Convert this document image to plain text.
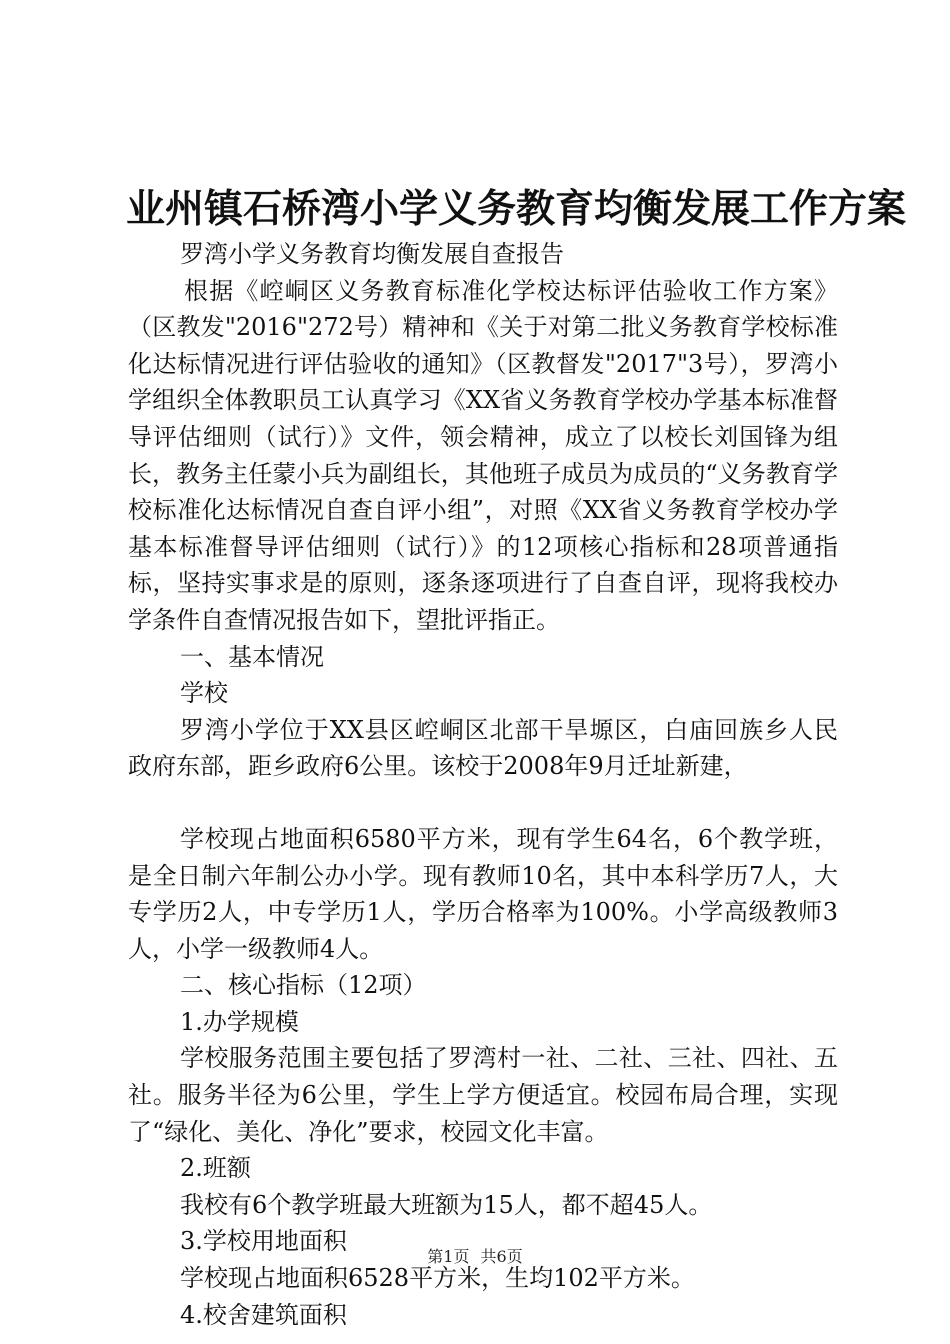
业州镇石桥湾小学义务教育均衡发展工作方案

罗湾小学义务教育均衡发展自查报告

根据《崆峒区义务教育标准化学校达标评估验收工作方案》（区教发"2016"272号）精神和《关于对第二批义务教育学校标准化达标情况进行评估验收的通知》（区教督发"2017"3号），罗湾小学组织全体教职员工认真学习《XX省义务教育学校办学基本标准督导评估细则（试行）》文件，领会精神，成立了以校长刘国锋为组长，教务主任蒙小兵为副组长，其他班子成员为成员的“义务教育学校标准化达标情况自查自评小组”，对照《XX省义务教育学校办学基本标准督导评估细则（试行）》的12项核心指标和28项普通指标，坚持实事求是的原则，逐条逐项进行了自查自评，现将我校办学条件自查情况报告如下，望批评指正。

一、基本情况

学校

罗湾小学位于XX县区崆峒区北部干旱塬区，白庙回族乡人民政府东部，距乡政府6公里。该校于2008年9月迁址新建，

学校现占地面积6580平方米，现有学生64名，6个教学班，是全日制六年制公办小学。现有教师10名，其中本科学历7人，大专学历2人，中专学历1人，学历合格率为100%。小学高级教师3人，小学一级教师4人。

二、核心指标（12项）

1.办学规模

学校服务范围主要包括了罗湾村一社、二社、三社、四社、五社。服务半径为6公里，学生上学方便适宜。校园布局合理，实现了“绿化、美化、净化”要求，校园文化丰富。

2.班额

我校有6个教学班最大班额为15人，都不超45人。

3.学校用地面积

学校现占地面积6528平方米，生均102平方米。

4.校舍建筑面积

第1页 共6页
